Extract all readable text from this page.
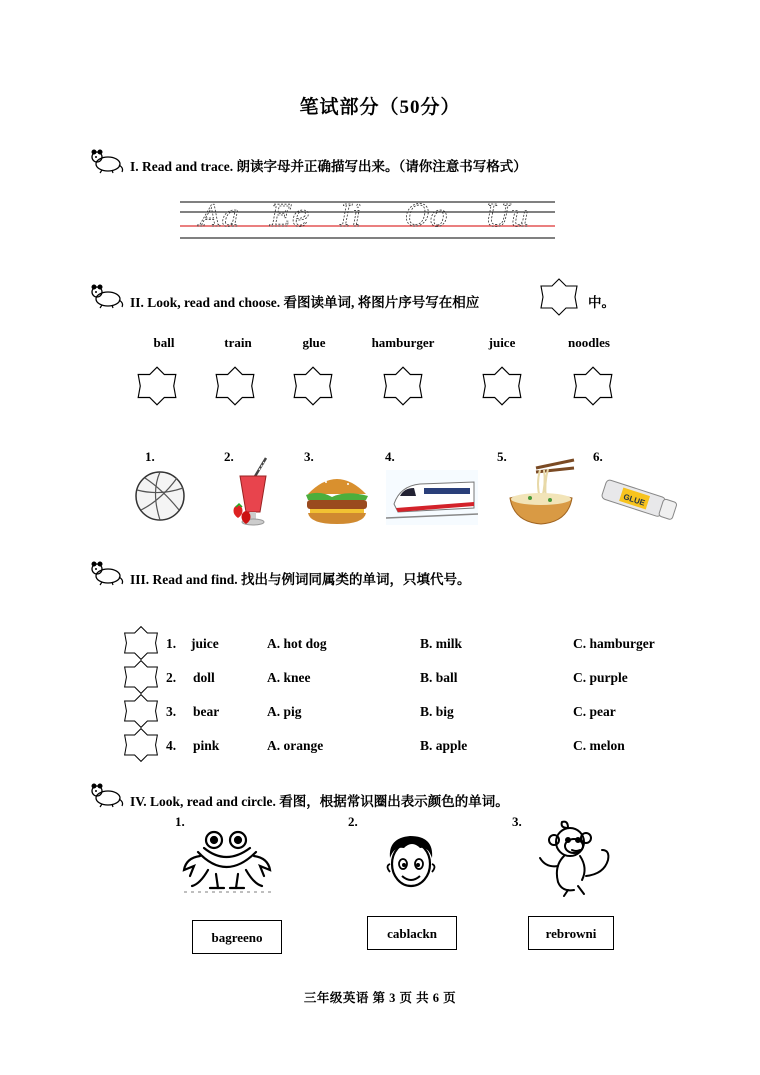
笔试部分（50分）
I. Read and trace. 朗读字母并正确描写出来。（请你注意书写格式）
Aa Ee Ii Oo Uu
II. Look, read and choose. 看图读单词, 将图片序号写在相应	中。
ball	train	glue	hamburger	juice	noodles
1.	2.	3.	4.	5.	6.
GLUE
III. Read and find. 找出与例词同属类的单词，只填代号。
1. juice	A. hot dog	B. milk	C. hamburger
2. doll	A. knee	B. ball	C. purple
3. bear	A. pig	B. big	C. pear
4. pink	A. orange	B. apple	C. melon
IV. Look, read and circle. 看图，根据常识圈出表示颜色的单词。
1.	2.	3.
bagreeno	cablackn	rebrowni
三年级英语 第 3 页 共 6 页
